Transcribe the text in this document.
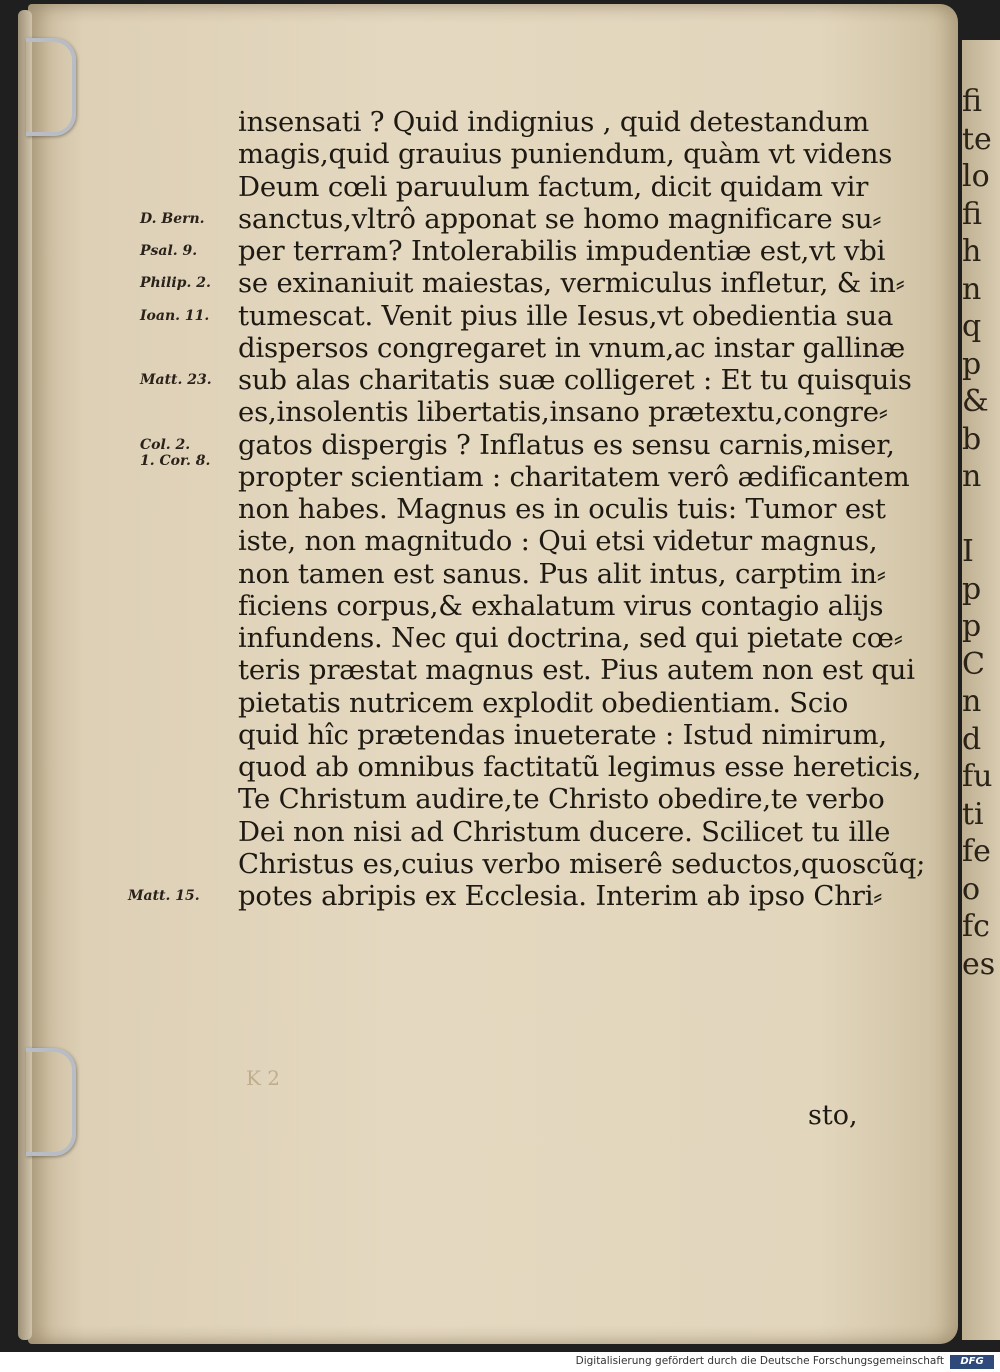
fi
te
lo
fi
h
n
q
p
&
b
n
I
p
p
C
n
d
fu
ti
fe
o
fc
es
insensati ? Quid indignius , quid detestandum
magis,quid grauius puniendum, quàm vt videns
Deum cœli paruulum factum, dicit quidam vir
sanctus,vltrô apponat se homo magnificare su⸗
per terram? Intolerabilis impudentiæ est,vt vbi
se exinaniuit maiestas, vermiculus infletur, & in⸗
tumescat. Venit pius ille Iesus,vt obedientia sua
dispersos congregaret in vnum,ac instar gallinæ
sub alas charitatis suæ colligeret : Et tu quisquis
es,insolentis libertatis,insano prætextu,congre⸗
gatos dispergis ? Inflatus es sensu carnis,miser,
propter scientiam : charitatem verô ædificantem
non habes. Magnus es in oculis tuis: Tumor est
iste, non magnitudo : Qui etsi videtur magnus,
non tamen est sanus. Pus alit intus, carptim in⸗
ficiens corpus,& exhalatum virus contagio alijs
infundens. Nec qui doctrina, sed qui pietate cœ⸗
teris præstat magnus est. Pius autem non est qui
pietatis nutricem explodit obedientiam. Scio
quid hîc prætendas inueterate : Istud nimirum,
quod ab omnibus factitatũ legimus esse hereticis,
Te Christum audire,te Christo obedire,te verbo
Dei non nisi ad Christum ducere. Scilicet tu ille
Christus es,cuius verbo miserê seductos,quoscũq;
potes abripis ex Ecclesia. Interim ab ipso Chri⸗
D. Bern.
Psal. 9.
Philip. 2.
Ioan. 11.
Matt. 23.
Col. 2.
1. Cor. 8.
Matt. 15.
K 2
sto,
Digitalisierung gefördert durch die Deutsche Forschungsgemeinschaft	DFG
